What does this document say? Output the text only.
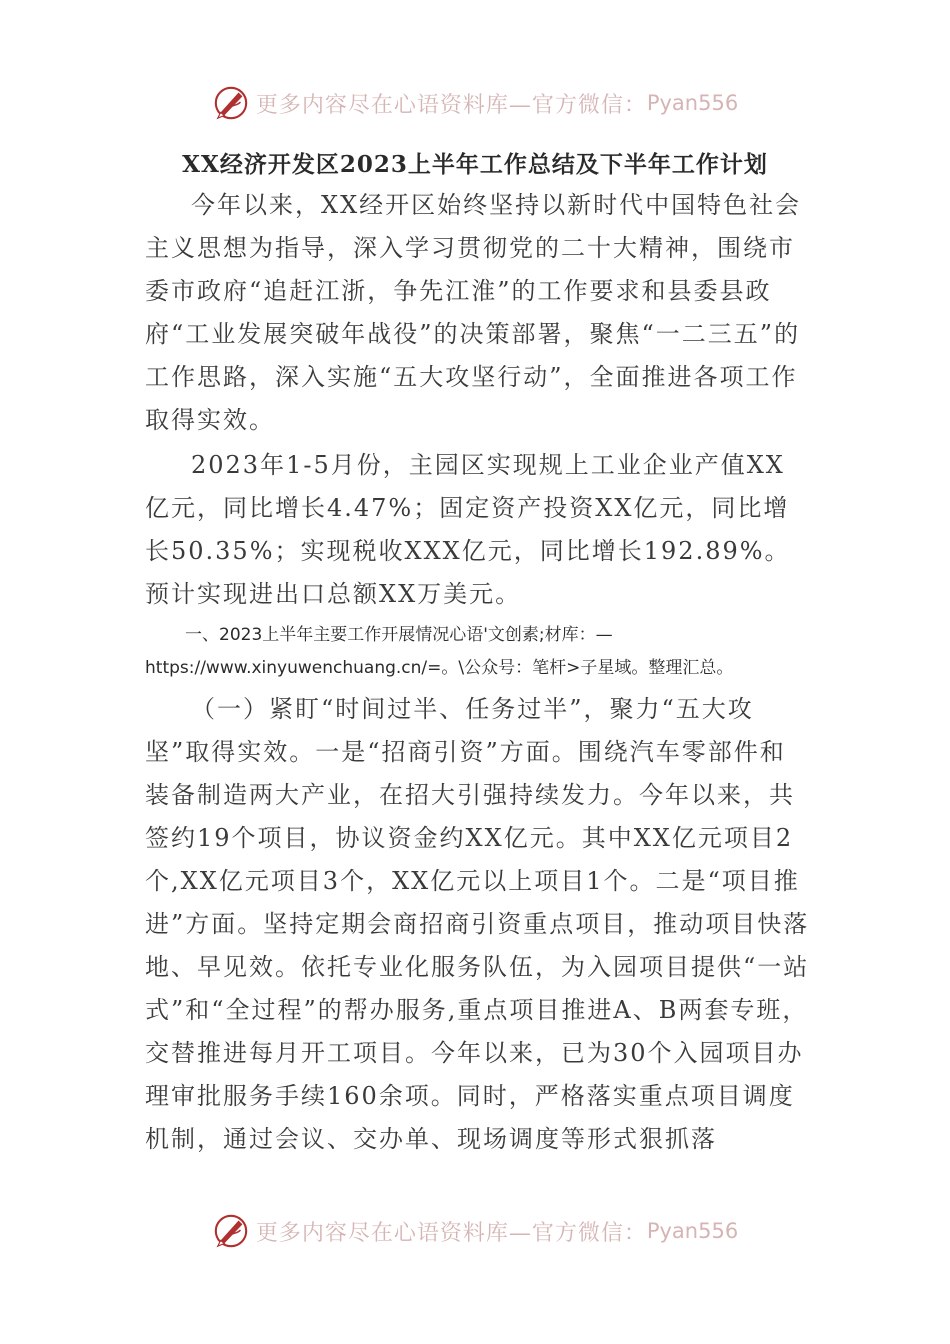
更多内容尽在心语资料库—官方微信： Pyan556
XX经济开发区2023上半年工作总结及下半年工作计划

今年以来，XX经开区始终坚持以新时代中国特色社会主义思想为指导，深入学习贯彻党的二十大精神，围绕市委市政府“追赶江浙，争先江淮”的工作要求和县委县政府“工业发展突破年战役”的决策部署，聚焦“一二三五”的工作思路，深入实施“五大攻坚行动”，全面推进各项工作取得实效。

2023年1-5月份，主园区实现规上工业企业产值XX亿元，同比增长4.47%；固定资产投资XX亿元，同比增长50.35%；实现税收XXX亿元，同比增长192.89%。预计实现进出口总额XX万美元。

一、2023上半年主要工作开展情况心语'文创素;材库：—https://www.xinyuwenchuang.cn/=。\公众号：笔杆>子星域。整理汇总。

（一）紧盯“时间过半、任务过半”，聚力“五大攻坚”取得实效。一是“招商引资”方面。围绕汽车零部件和装备制造两大产业，在招大引强持续发力。今年以来，共签约19个项目，协议资金约XX亿元。其中XX亿元项目2个,XX亿元项目3个，XX亿元以上项目1个。二是“项目推进”方面。坚持定期会商招商引资重点项目，推动项目快落地、早见效。依托专业化服务队伍，为入园项目提供“一站式”和“全过程”的帮办服务,重点项目推进A、B两套专班，交替推进每月开工项目。今年以来，已为30个入园项目办理审批服务手续160余项。同时，严格落实重点项目调度机制，通过会议、交办单、现场调度等形式狠抓落

更多内容尽在心语资料库—官方微信： Pyan556
